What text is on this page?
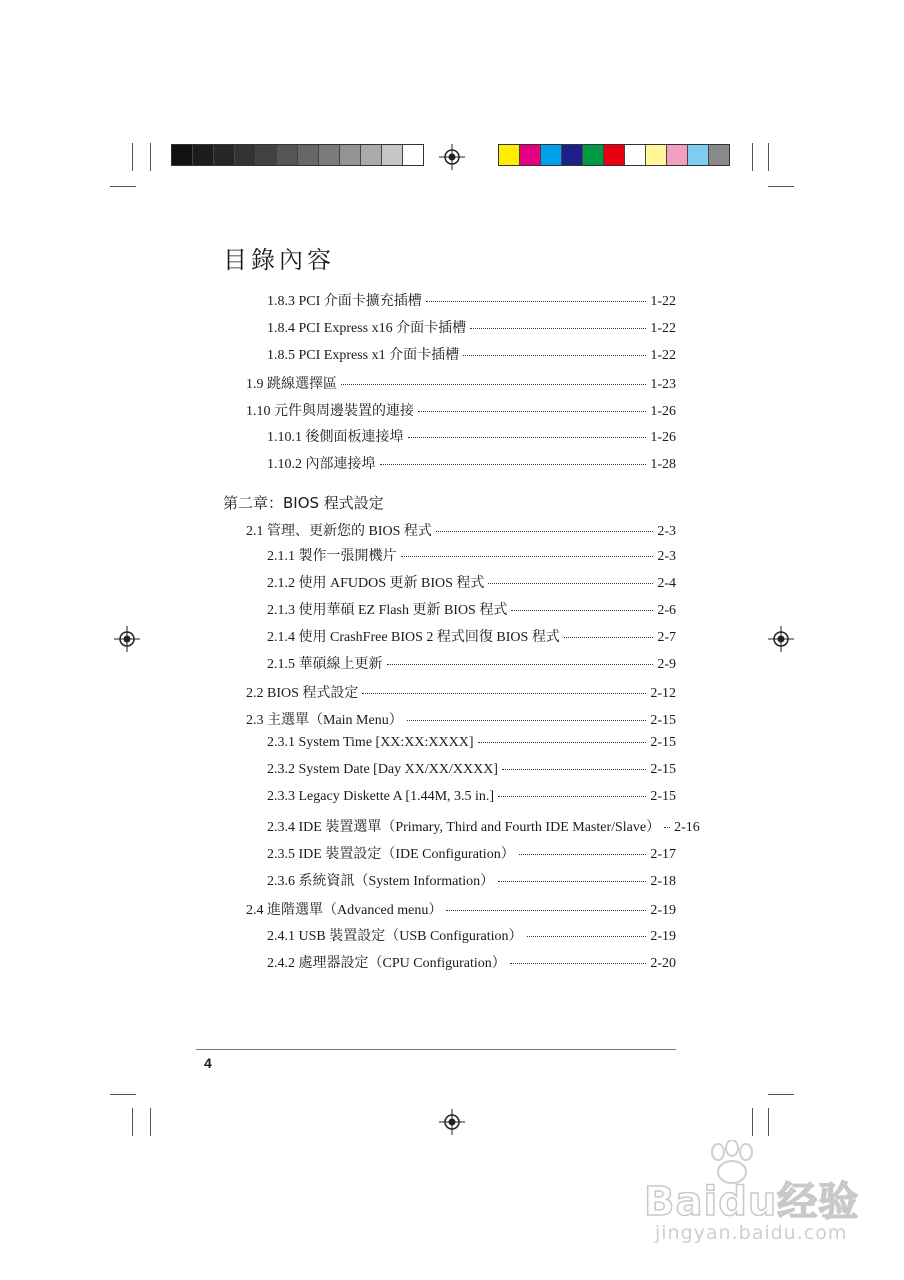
目錄內容
1.8.3 PCI 介面卡擴充插槽	1-22
1.8.4 PCI Express x16 介面卡插槽	1-22
1.8.5 PCI Express x1 介面卡插槽	1-22
1.9 跳線選擇區	1-23
1.10 元件與周邊裝置的連接	1-26
1.10.1 後側面板連接埠	1-26
1.10.2 內部連接埠	1-28
第二章：BIOS 程式設定
2.1 管理、更新您的 BIOS 程式	2-3
2.1.1 製作一張開機片	2-3
2.1.2 使用 AFUDOS 更新 BIOS 程式	2-4
2.1.3 使用華碩 EZ Flash 更新 BIOS 程式	2-6
2.1.4 使用 CrashFree BIOS 2 程式回復 BIOS 程式	2-7
2.1.5 華碩線上更新	2-9
2.2 BIOS 程式設定	2-12
2.3 主選單（Main Menu）	2-15
2.3.1 System Time [XX:XX:XXXX]	2-15
2.3.2 System Date [Day XX/XX/XXXX]	2-15
2.3.3 Legacy Diskette A [1.44M, 3.5 in.]	2-15
2.3.4 IDE 裝置選單（Primary, Third and Fourth IDE Master/Slave） 2-16
2.3.5 IDE 裝置設定（IDE Configuration）	2-17
2.3.6 系統資訊（System Information）	2-18
2.4 進階選單（Advanced menu）	2-19
2.4.1 USB 裝置設定（USB Configuration）	2-19
2.4.2 處理器設定（CPU Configuration）	2-20
4
Baidu经验
jingyan.baidu.com
